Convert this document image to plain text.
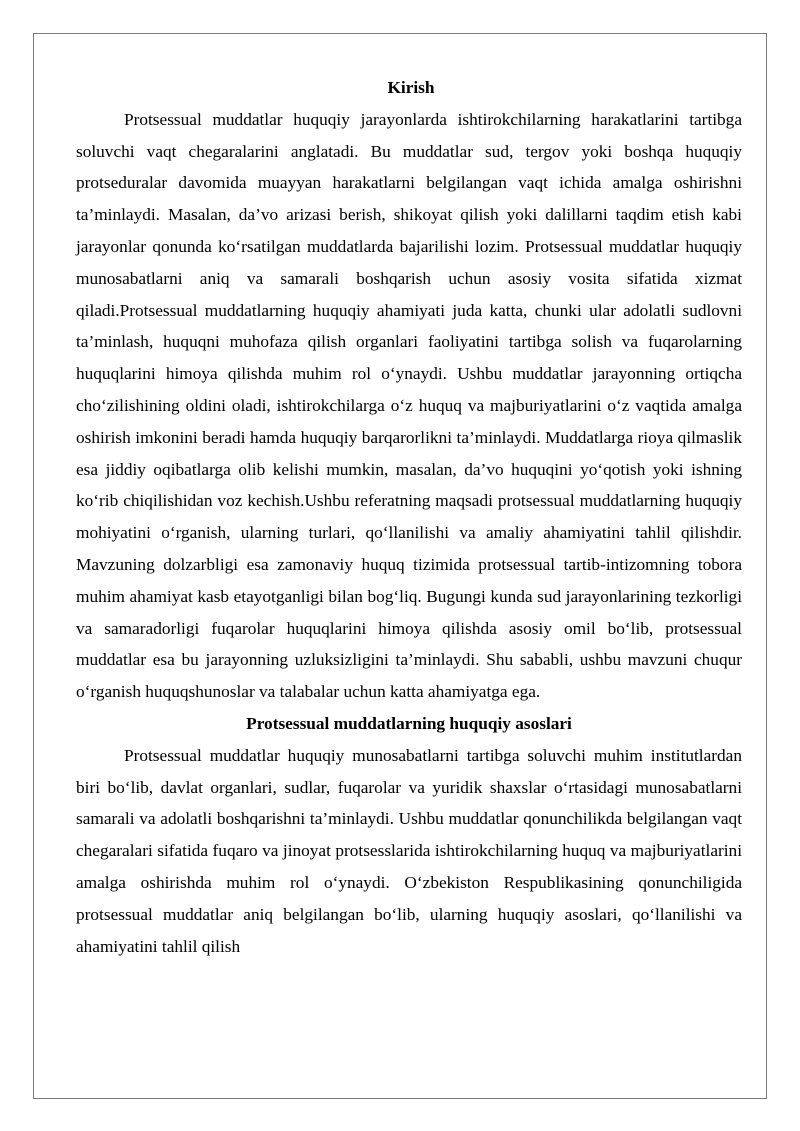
Kirish

Protsessual muddatlar huquqiy jarayonlarda ishtirokchilarning harakatlarini tartibga soluvchi vaqt chegaralarini anglatadi. Bu muddatlar sud, tergov yoki boshqa huquqiy protseduralar davomida muayyan harakatlarni belgilangan vaqt ichida amalga oshirishni ta’minlaydi. Masalan, da’vo arizasi berish, shikoyat qilish yoki dalillarni taqdim etish kabi jarayonlar qonunda ko‘rsatilgan muddatlarda bajarilishi lozim. Protsessual muddatlar huquqiy munosabatlarni aniq va samarali boshqarish uchun asosiy vosita sifatida xizmat qiladi.Protsessual muddatlarning huquqiy ahamiyati juda katta, chunki ular adolatli sudlovni ta’minlash, huquqni muhofaza qilish organlari faoliyatini tartibga solish va fuqarolarning huquqlarini himoya qilishda muhim rol o‘ynaydi. Ushbu muddatlar jarayonning ortiqcha cho‘zilishining oldini oladi, ishtirokchilarga o‘z huquq va majburiyatlarini o‘z vaqtida amalga oshirish imkonini beradi hamda huquqiy barqarorlikni ta’minlaydi. Muddatlarga rioya qilmaslik esa jiddiy oqibatlarga olib kelishi mumkin, masalan, da’vo huquqini yo‘qotish yoki ishning ko‘rib chiqilishidan voz kechish.Ushbu referatning maqsadi protsessual muddatlarning huquqiy mohiyatini o‘rganish, ularning turlari, qo‘llanilishi va amaliy ahamiyatini tahlil qilishdir. Mavzuning dolzarbligi esa zamonaviy huquq tizimida protsessual tartib-intizomning tobora muhim ahamiyat kasb etayotganligi bilan bog‘liq. Bugungi kunda sud jarayonlarining tezkorligi va samaradorligi fuqarolar huquqlarini himoya qilishda asosiy omil bo‘lib, protsessual muddatlar esa bu jarayonning uzluksizligini ta’minlaydi. Shu sababli, ushbu mavzuni chuqur o‘rganish huquqshunoslar va talabalar uchun katta ahamiyatga ega.

Protsessual muddatlarning huquqiy asoslari

Protsessual muddatlar huquqiy munosabatlarni tartibga soluvchi muhim institutlardan biri bo‘lib, davlat organlari, sudlar, fuqarolar va yuridik shaxslar o‘rtasidagi munosabatlarni samarali va adolatli boshqarishni ta’minlaydi. Ushbu muddatlar qonunchilikda belgilangan vaqt chegaralari sifatida fuqaro va jinoyat protsesslarida ishtirokchilarning huquq va majburiyatlarini amalga oshirishda muhim rol o‘ynaydi. O‘zbekiston Respublikasining qonunchiligida protsessual muddatlar aniq belgilangan bo‘lib, ularning huquqiy asoslari, qo‘llanilishi va ahamiyatini tahlil qilish
